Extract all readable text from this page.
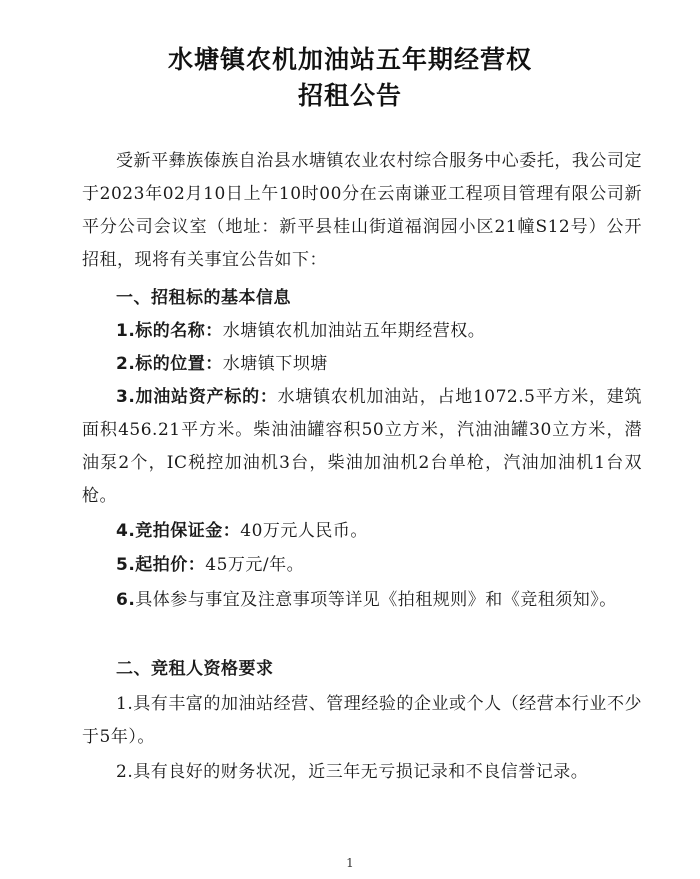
水塘镇农机加油站五年期经营权
招租公告
受新平彝族傣族自治县水塘镇农业农村综合服务中心委托，我公司定于2023年02月10日上午10时00分在云南谦亚工程项目管理有限公司新平分公司会议室（地址：新平县桂山街道福润园小区21幢S12号）公开招租，现将有关事宜公告如下：
一、招租标的基本信息
1.标的名称：水塘镇农机加油站五年期经营权。
2.标的位置：水塘镇下坝塘
3.加油站资产标的：水塘镇农机加油站，占地1072.5平方米，建筑面积456.21平方米。柴油油罐容积50立方米，汽油油罐30立方米，潜油泵2个，IC税控加油机3台，柴油加油机2台单枪，汽油加油机1台双枪。
4.竞拍保证金：40万元人民币。
5.起拍价：45万元/年。
6.具体参与事宜及注意事项等详见《拍租规则》和《竞租须知》。
二、竞租人资格要求
1.具有丰富的加油站经营、管理经验的企业或个人（经营本行业不少于5年）。
2.具有良好的财务状况，近三年无亏损记录和不良信誉记录。
1
